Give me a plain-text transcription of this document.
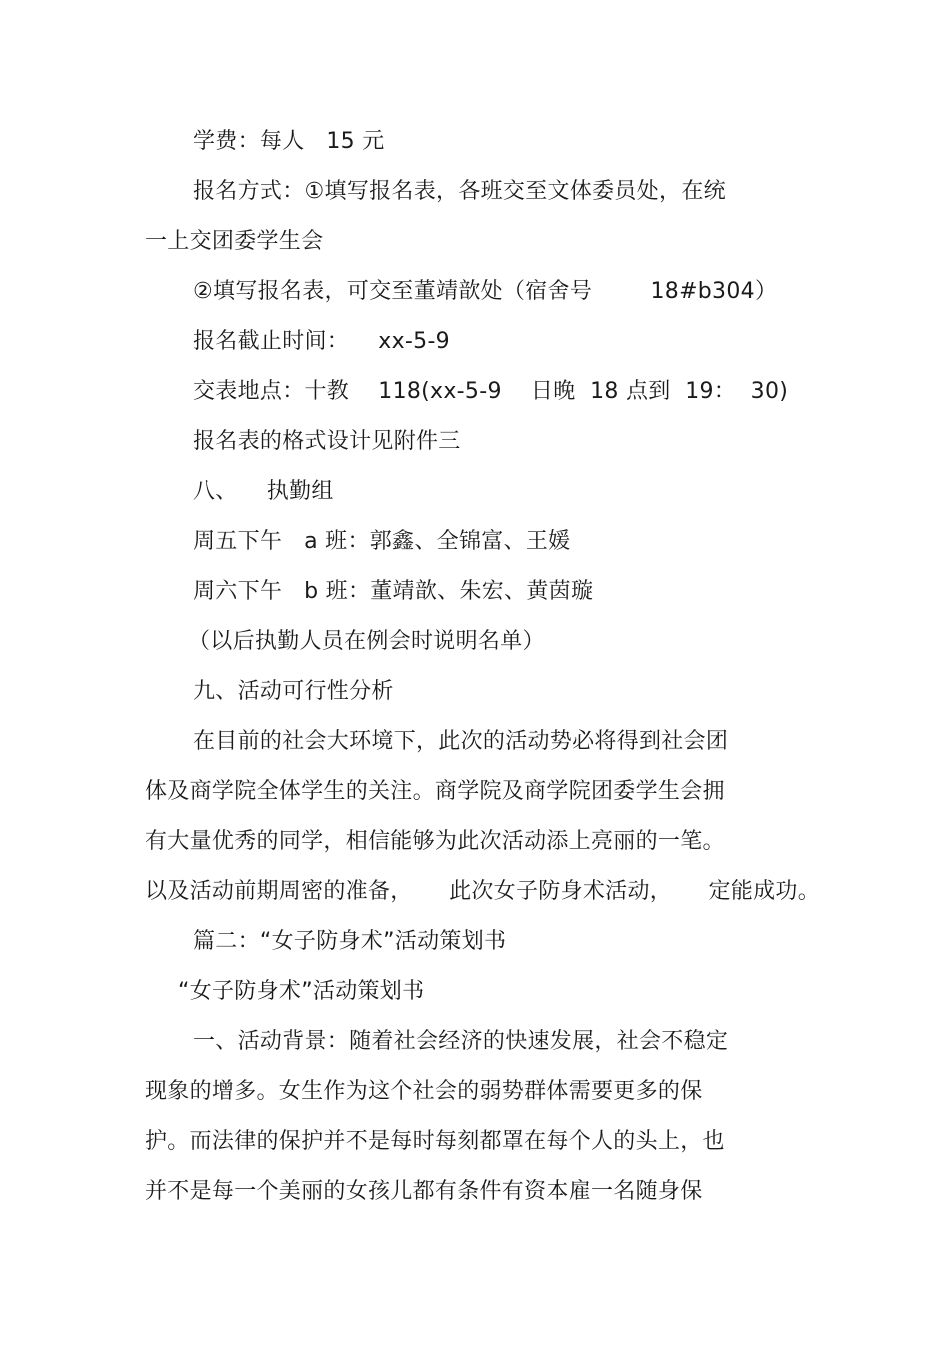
学费：每人   15 元
报名方式：①填写报名表，各班交至文体委员处，在统
一上交团委学生会
②填写报名表，可交至董靖歆处（宿舍号        18#b304）
报名截止时间：    xx-5-9
交表地点：十教    118(xx-5-9    日晚  18 点到  19：  30)
报名表的格式设计见附件三
八、    执勤组
周五下午   a 班：郭鑫、全锦富、王媛
周六下午   b 班：董靖歆、朱宏、黄茵璇
（以后执勤人员在例会时说明名单）
九、活动可行性分析
在目前的社会大环境下，此次的活动势必将得到社会团
体及商学院全体学生的关注。商学院及商学院团委学生会拥
有大量优秀的同学，相信能够为此次活动添上亮丽的一笔。
以及活动前期周密的准备，     此次女子防身术活动，     定能成功。
篇二：“女子防身术”活动策划书
“女子防身术”活动策划书
一、活动背景：随着社会经济的快速发展，社会不稳定
现象的增多。女生作为这个社会的弱势群体需要更多的保
护。而法律的保护并不是每时每刻都罩在每个人的头上，也
并不是每一个美丽的女孩儿都有条件有资本雇一名随身保
